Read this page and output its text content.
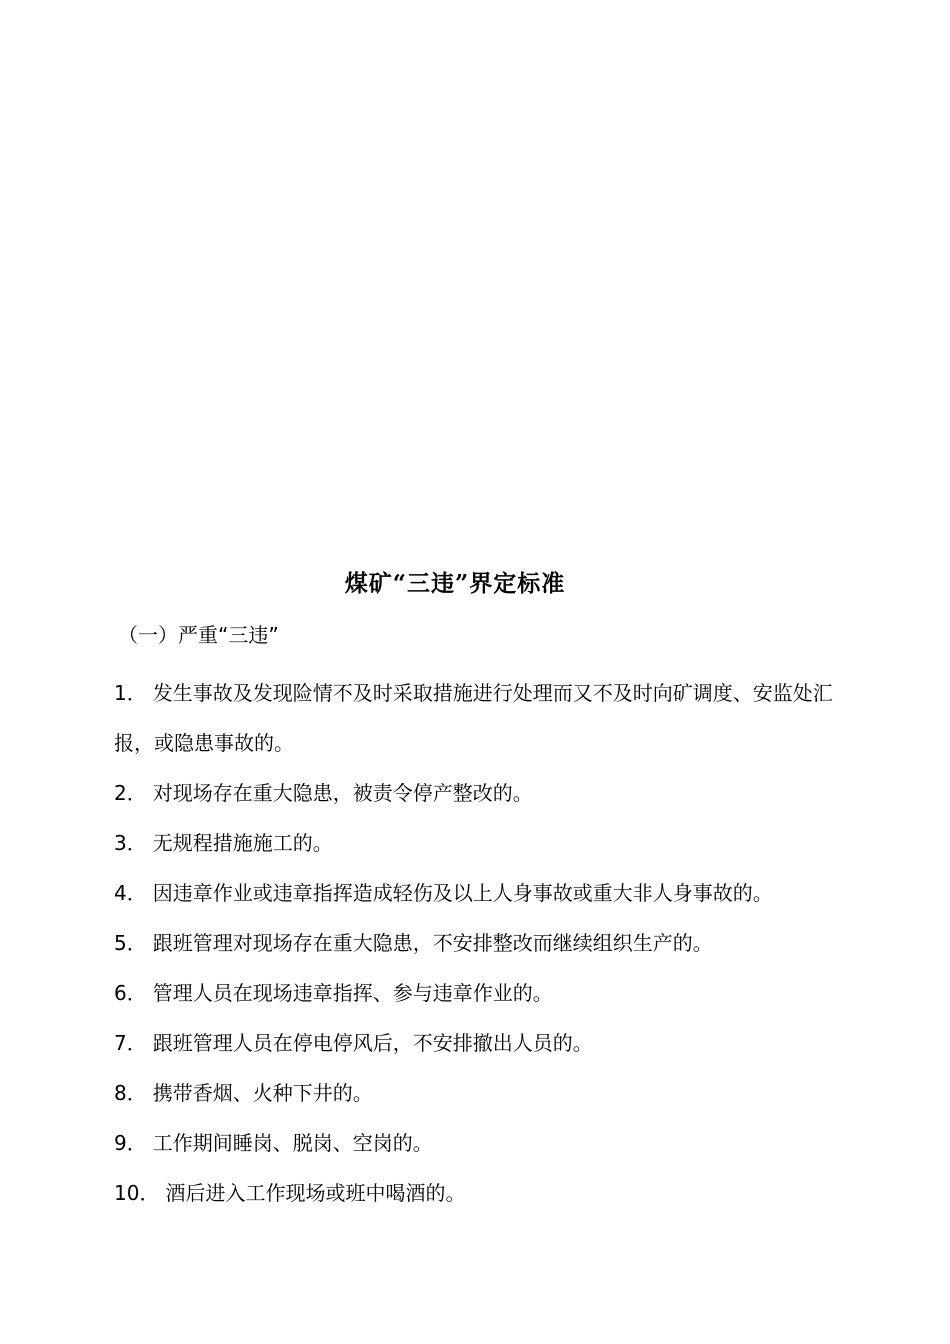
煤矿“三违”界定标准
（一）严重“三违”
1． 发生事故及发现险情不及时采取措施进行处理而又不及时向矿调度、安监处汇报，或隐患事故的。
2． 对现场存在重大隐患，被责令停产整改的。
3． 无规程措施施工的。
4． 因违章作业或违章指挥造成轻伤及以上人身事故或重大非人身事故的。
5． 跟班管理对现场存在重大隐患，不安排整改而继续组织生产的。
6． 管理人员在现场违章指挥、参与违章作业的。
7． 跟班管理人员在停电停风后，不安排撤出人员的。
8． 携带香烟、火种下井的。
9． 工作期间睡岗、脱岗、空岗的。
10． 酒后进入工作现场或班中喝酒的。
